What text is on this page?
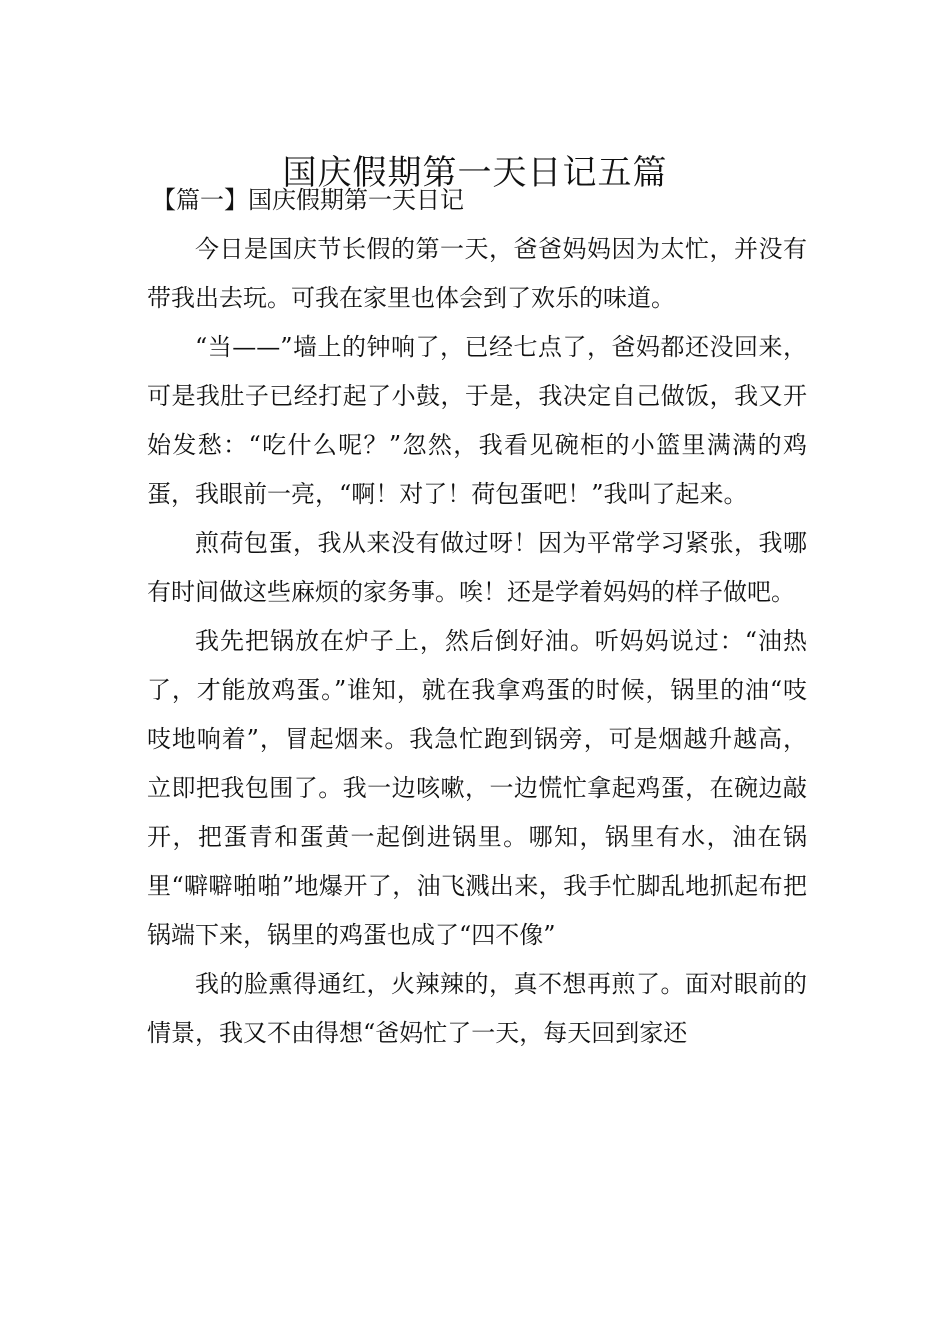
国庆假期第一天日记五篇
【篇一】国庆假期第一天日记

今日是国庆节长假的第一天，爸爸妈妈因为太忙，并没有带我出去玩。可我在家里也体会到了欢乐的味道。

“当——”墙上的钟响了，已经七点了，爸妈都还没回来，可是我肚子已经打起了小鼓，于是，我决定自己做饭，我又开始发愁：“吃什么呢？”忽然，我看见碗柜的小篮里满满的鸡蛋，我眼前一亮，“啊！对了！荷包蛋吧！”我叫了起来。

煎荷包蛋，我从来没有做过呀！因为平常学习紧张，我哪有时间做这些麻烦的家务事。唉！还是学着妈妈的样子做吧。

我先把锅放在炉子上，然后倒好油。听妈妈说过：“油热了，才能放鸡蛋。”谁知，就在我拿鸡蛋的时候，锅里的油“吱吱地响着”，冒起烟来。我急忙跑到锅旁，可是烟越升越高，立即把我包围了。我一边咳嗽，一边慌忙拿起鸡蛋，在碗边敲开，把蛋青和蛋黄一起倒进锅里。哪知，锅里有水，油在锅里“噼噼啪啪”地爆开了，油飞溅出来，我手忙脚乱地抓起布把锅端下来，锅里的鸡蛋也成了“四不像”

我的脸熏得通红，火辣辣的，真不想再煎了。面对眼前的情景，我又不由得想“爸妈忙了一天，每天回到家还
